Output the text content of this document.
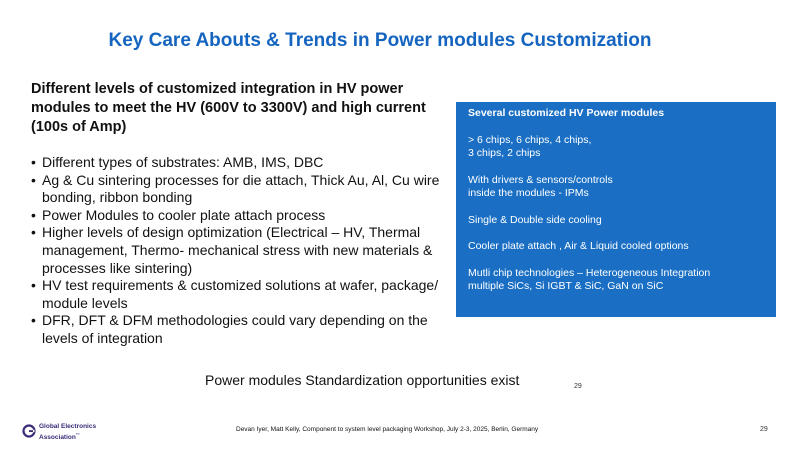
Key Care Abouts & Trends in Power modules Customization
Different levels of customized integration in HV power modules to meet the HV (600V to 3300V) and high current (100s of Amp)
• Different types of substrates: AMB, IMS, DBC
• Ag & Cu sintering processes for die attach, Thick Au, Al, Cu wire bonding, ribbon bonding
• Power Modules to cooler plate attach process
• Higher levels of design optimization (Electrical – HV, Thermal management, Thermo- mechanical stress with new materials & processes like sintering)
• HV test requirements & customized solutions at wafer, package/ module levels
• DFR, DFT & DFM methodologies could vary depending on the levels of integration
Several customized HV Power modules
> 6 chips, 6 chips, 4 chips,
3 chips, 2 chips
With drivers & sensors/controls
inside the modules - IPMs
Single & Double side cooling
Cooler plate attach , Air & Liquid cooled options
Mutli chip technologies – Heterogeneous Integration
multiple SiCs, Si IGBT & SiC, GaN on SiC
Power modules Standardization opportunities exist	29
Global Electronics
Association™
Devan Iyer, Matt Kelly, Component to system level packaging Workshop, July 2-3, 2025, Berlin, Germany	29
